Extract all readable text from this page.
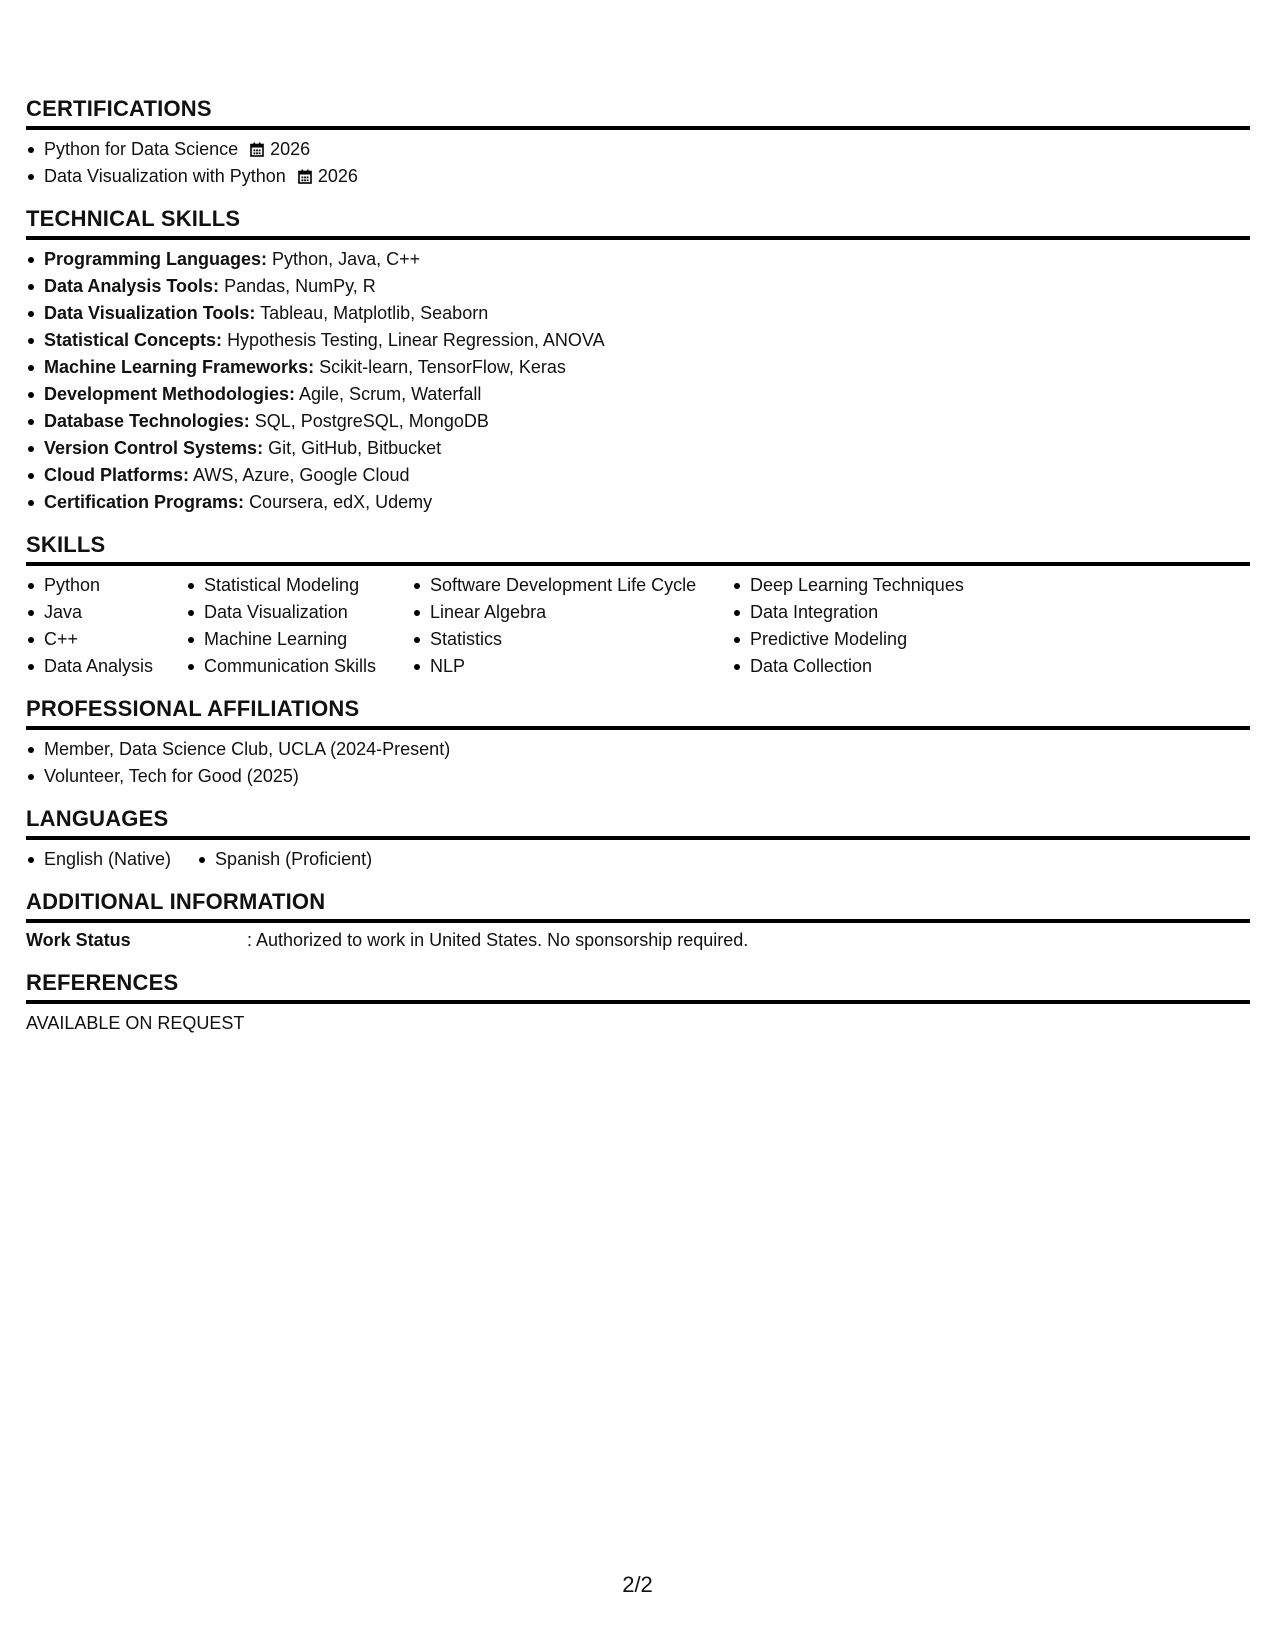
CERTIFICATIONS
Python for Data Science 2026
Data Visualization with Python 2026
TECHNICAL SKILLS
Programming Languages: Python, Java, C++
Data Analysis Tools: Pandas, NumPy, R
Data Visualization Tools: Tableau, Matplotlib, Seaborn
Statistical Concepts: Hypothesis Testing, Linear Regression, ANOVA
Machine Learning Frameworks: Scikit-learn, TensorFlow, Keras
Development Methodologies: Agile, Scrum, Waterfall
Database Technologies: SQL, PostgreSQL, MongoDB
Version Control Systems: Git, GitHub, Bitbucket
Cloud Platforms: AWS, Azure, Google Cloud
Certification Programs: Coursera, edX, Udemy
SKILLS
Python
Java
C++
Data Analysis
Statistical Modeling
Data Visualization
Machine Learning
Communication Skills
Software Development Life Cycle
Linear Algebra
Statistics
NLP
Deep Learning Techniques
Data Integration
Predictive Modeling
Data Collection
PROFESSIONAL AFFILIATIONS
Member, Data Science Club, UCLA (2024-Present)
Volunteer, Tech for Good (2025)
LANGUAGES
English (Native)	Spanish (Proficient)
ADDITIONAL INFORMATION
Work Status	: Authorized to work in United States. No sponsorship required.
REFERENCES
AVAILABLE ON REQUEST
2/2
